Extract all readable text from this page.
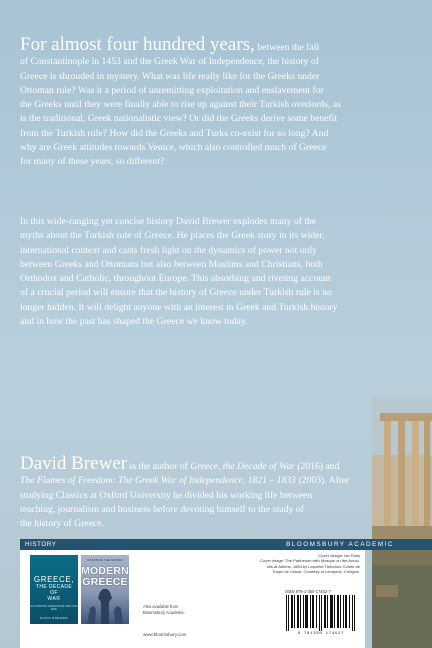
For almost four hundred years, between the fall
of Constantinople in 1453 and the Greek War of Independence, the history of
Greece is shrouded in mystery. What was life really like for the Greeks under
Ottoman rule? Was it a period of unremitting exploitation and enslavement for
the Greeks until they were finally able to rise up against their Turkish overlords, as
is the traditional, Greek nationalistic view? Or did the Greeks derive some benefit
from the Turkish rule? How did the Greeks and Turks co-exist for so long? And
why are Greek attitudes towards Venice, which also controlled much of Greece
for many of these years, so different?
In this wide-ranging yet concise history David Brewer explodes many of the
myths about the Turkish rule of Greece. He places the Greek story in its wider,
international context and casts fresh light on the dynamics of power not only
between Greeks and Ottomans but also between Muslims and Christians, both
Orthodox and Catholic, throughout Europe. This absorbing and riveting account
of a crucial period will ensure that the history of Greece under Turkish rule is no
longer hidden. It will delight anyone with an interest in Greek and Turkish history
and in how the past has shaped the Greece we know today.
David Brewer is the author of Greece, the Decade of War (2016) and
The Flames of Freedom: The Greek War of Independence, 1821 – 1833 (2003). After
studying Classics at Oxford University he divided his working life between
teaching, journalism and business before devoting himself to the study of
the history of Greece.
HISTORY	BLOOMSBURY ACADEMIC
GREECE,
THE DECADE
OF
WAR
OCCUPATION, RESISTANCE AND CIVIL WAR
DAVID BREWER
CRAFTING THE NATION
MODERN
GREECE
Also available from
Bloomsbury Academic
www.bloomsbury.com
Cover design: Ian Ross
Cover image: The Parthenon with Mosque on the Acrop-
olis at Athens, 1854 by Lancelot Théodore Comte de
Turpin de Crissé. Courtesy of Lempertz, Cologne.
ISBN 978-1-350-17452-7
9 781350 174527
